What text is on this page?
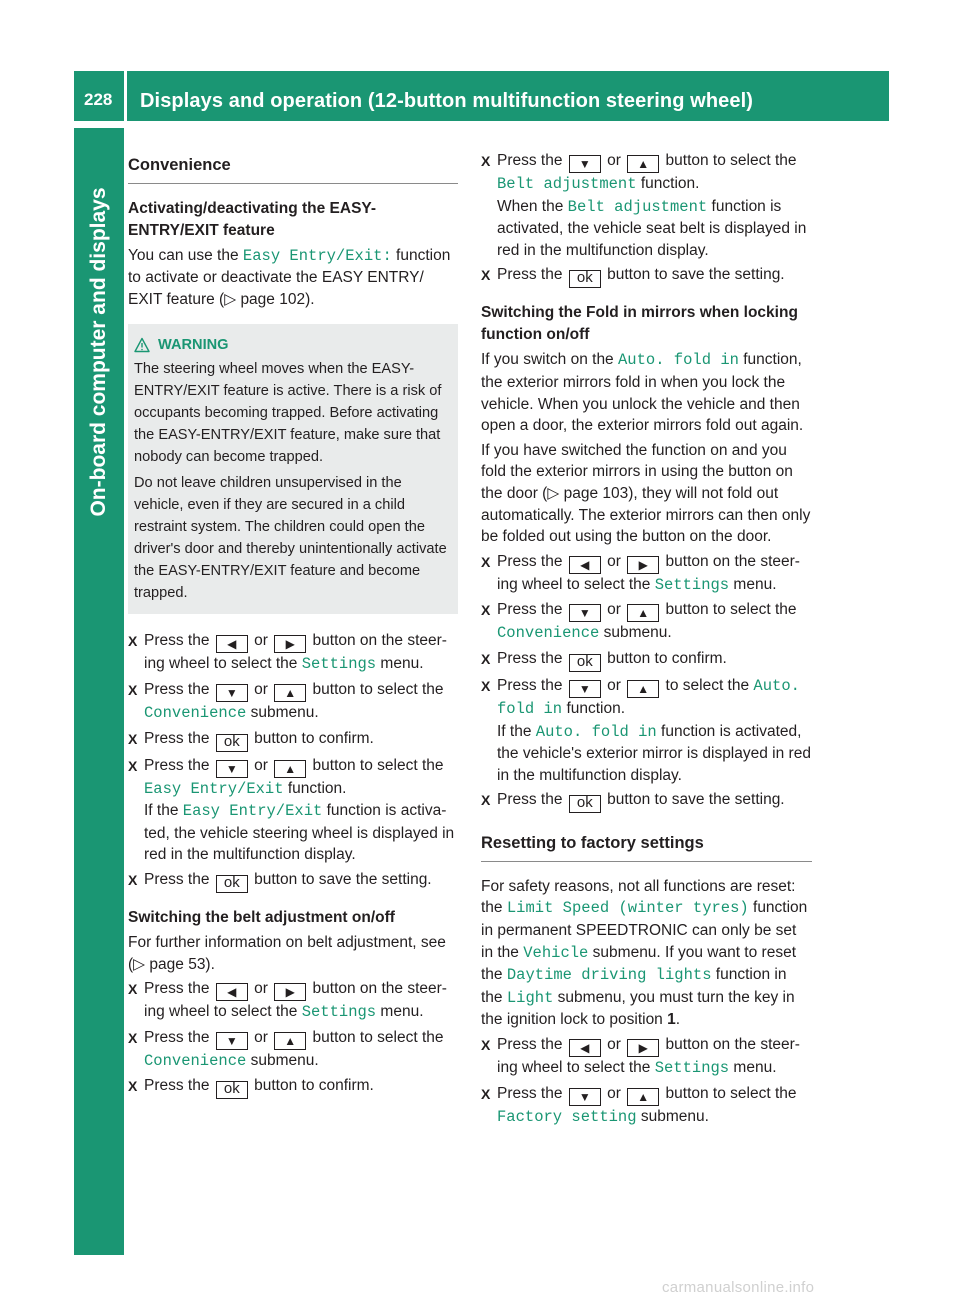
228 Displays and operation (12-button multifunction steering wheel)
On-board computer and displays
Convenience
Activating/deactivating the EASY-ENTRY/EXIT feature

You can use the Easy Entry/Exit: function to activate or deactivate the EASY ENTRY/ EXIT feature (▷ page 102).

WARNING

The steering wheel moves when the EASY-ENTRY/EXIT feature is active. There is a risk of occupants becoming trapped. Before activating the EASY-ENTRY/EXIT feature, make sure that nobody can become trapped.

Do not leave children unsupervised in the vehicle, even if they are secured in a child restraint system. The children could open the driver's door and thereby unintentionally activate the EASY-ENTRY/EXIT feature and become trapped.

X Press the ◀ or ▶ button on the steer-ing wheel to select the Settings menu.
X Press the ▼ or ▲ button to select the Convenience submenu.
X Press the ok button to confirm.
X Press the ▼ or ▲ button to select the Easy Entry/Exit function.
If the Easy Entry/Exit function is activa-ted, the vehicle steering wheel is displayed in red in the multifunction display.
X Press the ok button to save the setting.
Switching the belt adjustment on/off

For further information on belt adjustment, see (▷ page 53).

X Press the ◀ or ▶ button on the steer-ing wheel to select the Settings menu.
X Press the ▼ or ▲ button to select the Convenience submenu.
X Press the ok button to confirm.
X Press the ▼ or ▲ button to select the Belt adjustment function.
When the Belt adjustment function is activated, the vehicle seat belt is displayed in red in the multifunction display.
X Press the ok button to save the setting.
Switching the Fold in mirrors when locking function on/off

If you switch on the Auto. fold in function, the exterior mirrors fold in when you lock the vehicle. When you unlock the vehicle and then open a door, the exterior mirrors fold out again.

If you have switched the function on and you fold the exterior mirrors in using the button on the door (▷ page 103), they will not fold out automatically. The exterior mirrors can then only be folded out using the button on the door.

X Press the ◀ or ▶ button on the steer-ing wheel to select the Settings menu.
X Press the ▼ or ▲ button to select the Convenience submenu.
X Press the ok button to confirm.
X Press the ▼ or ▲ to select the Auto. fold in function.
If the Auto. fold in function is activated, the vehicle's exterior mirror is displayed in red in the multifunction display.
X Press the ok button to save the setting.
Resetting to factory settings

For safety reasons, not all functions are reset: the Limit Speed (winter tyres) function in permanent SPEEDTRONIC can only be set in the Vehicle submenu. If you want to reset the Daytime driving lights function in the Light submenu, you must turn the key in the ignition lock to position 1.

X Press the ◀ or ▶ button on the steer-ing wheel to select the Settings menu.
X Press the ▼ or ▲ button to select the Factory setting submenu.
carmanualsonline.info
